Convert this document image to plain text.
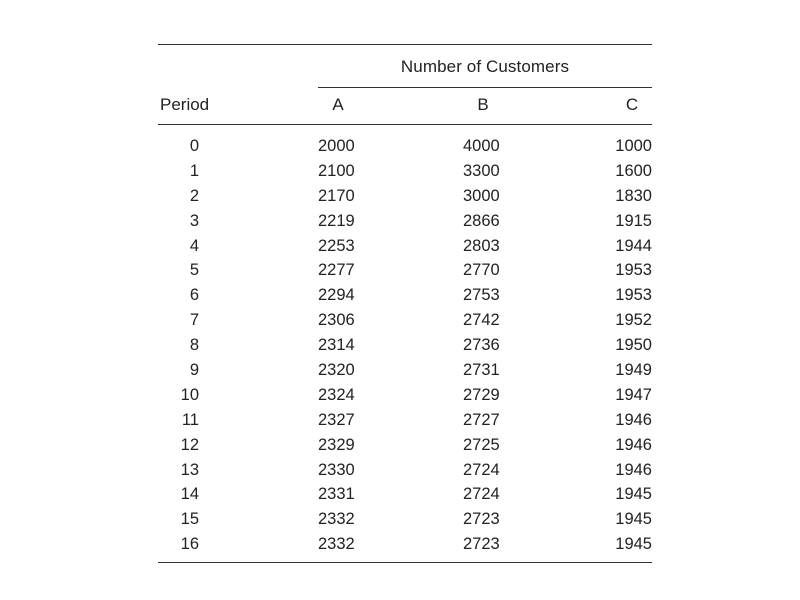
Number of Customers
Period	A	B	C
0	2000	4000	1000
1	2100	3300	1600
2	2170	3000	1830
3	2219	2866	1915
4	2253	2803	1944
5	2277	2770	1953
6	2294	2753	1953
7	2306	2742	1952
8	2314	2736	1950
9	2320	2731	1949
10	2324	2729	1947
11	2327	2727	1946
12	2329	2725	1946
13	2330	2724	1946
14	2331	2724	1945
15	2332	2723	1945
16	2332	2723	1945
